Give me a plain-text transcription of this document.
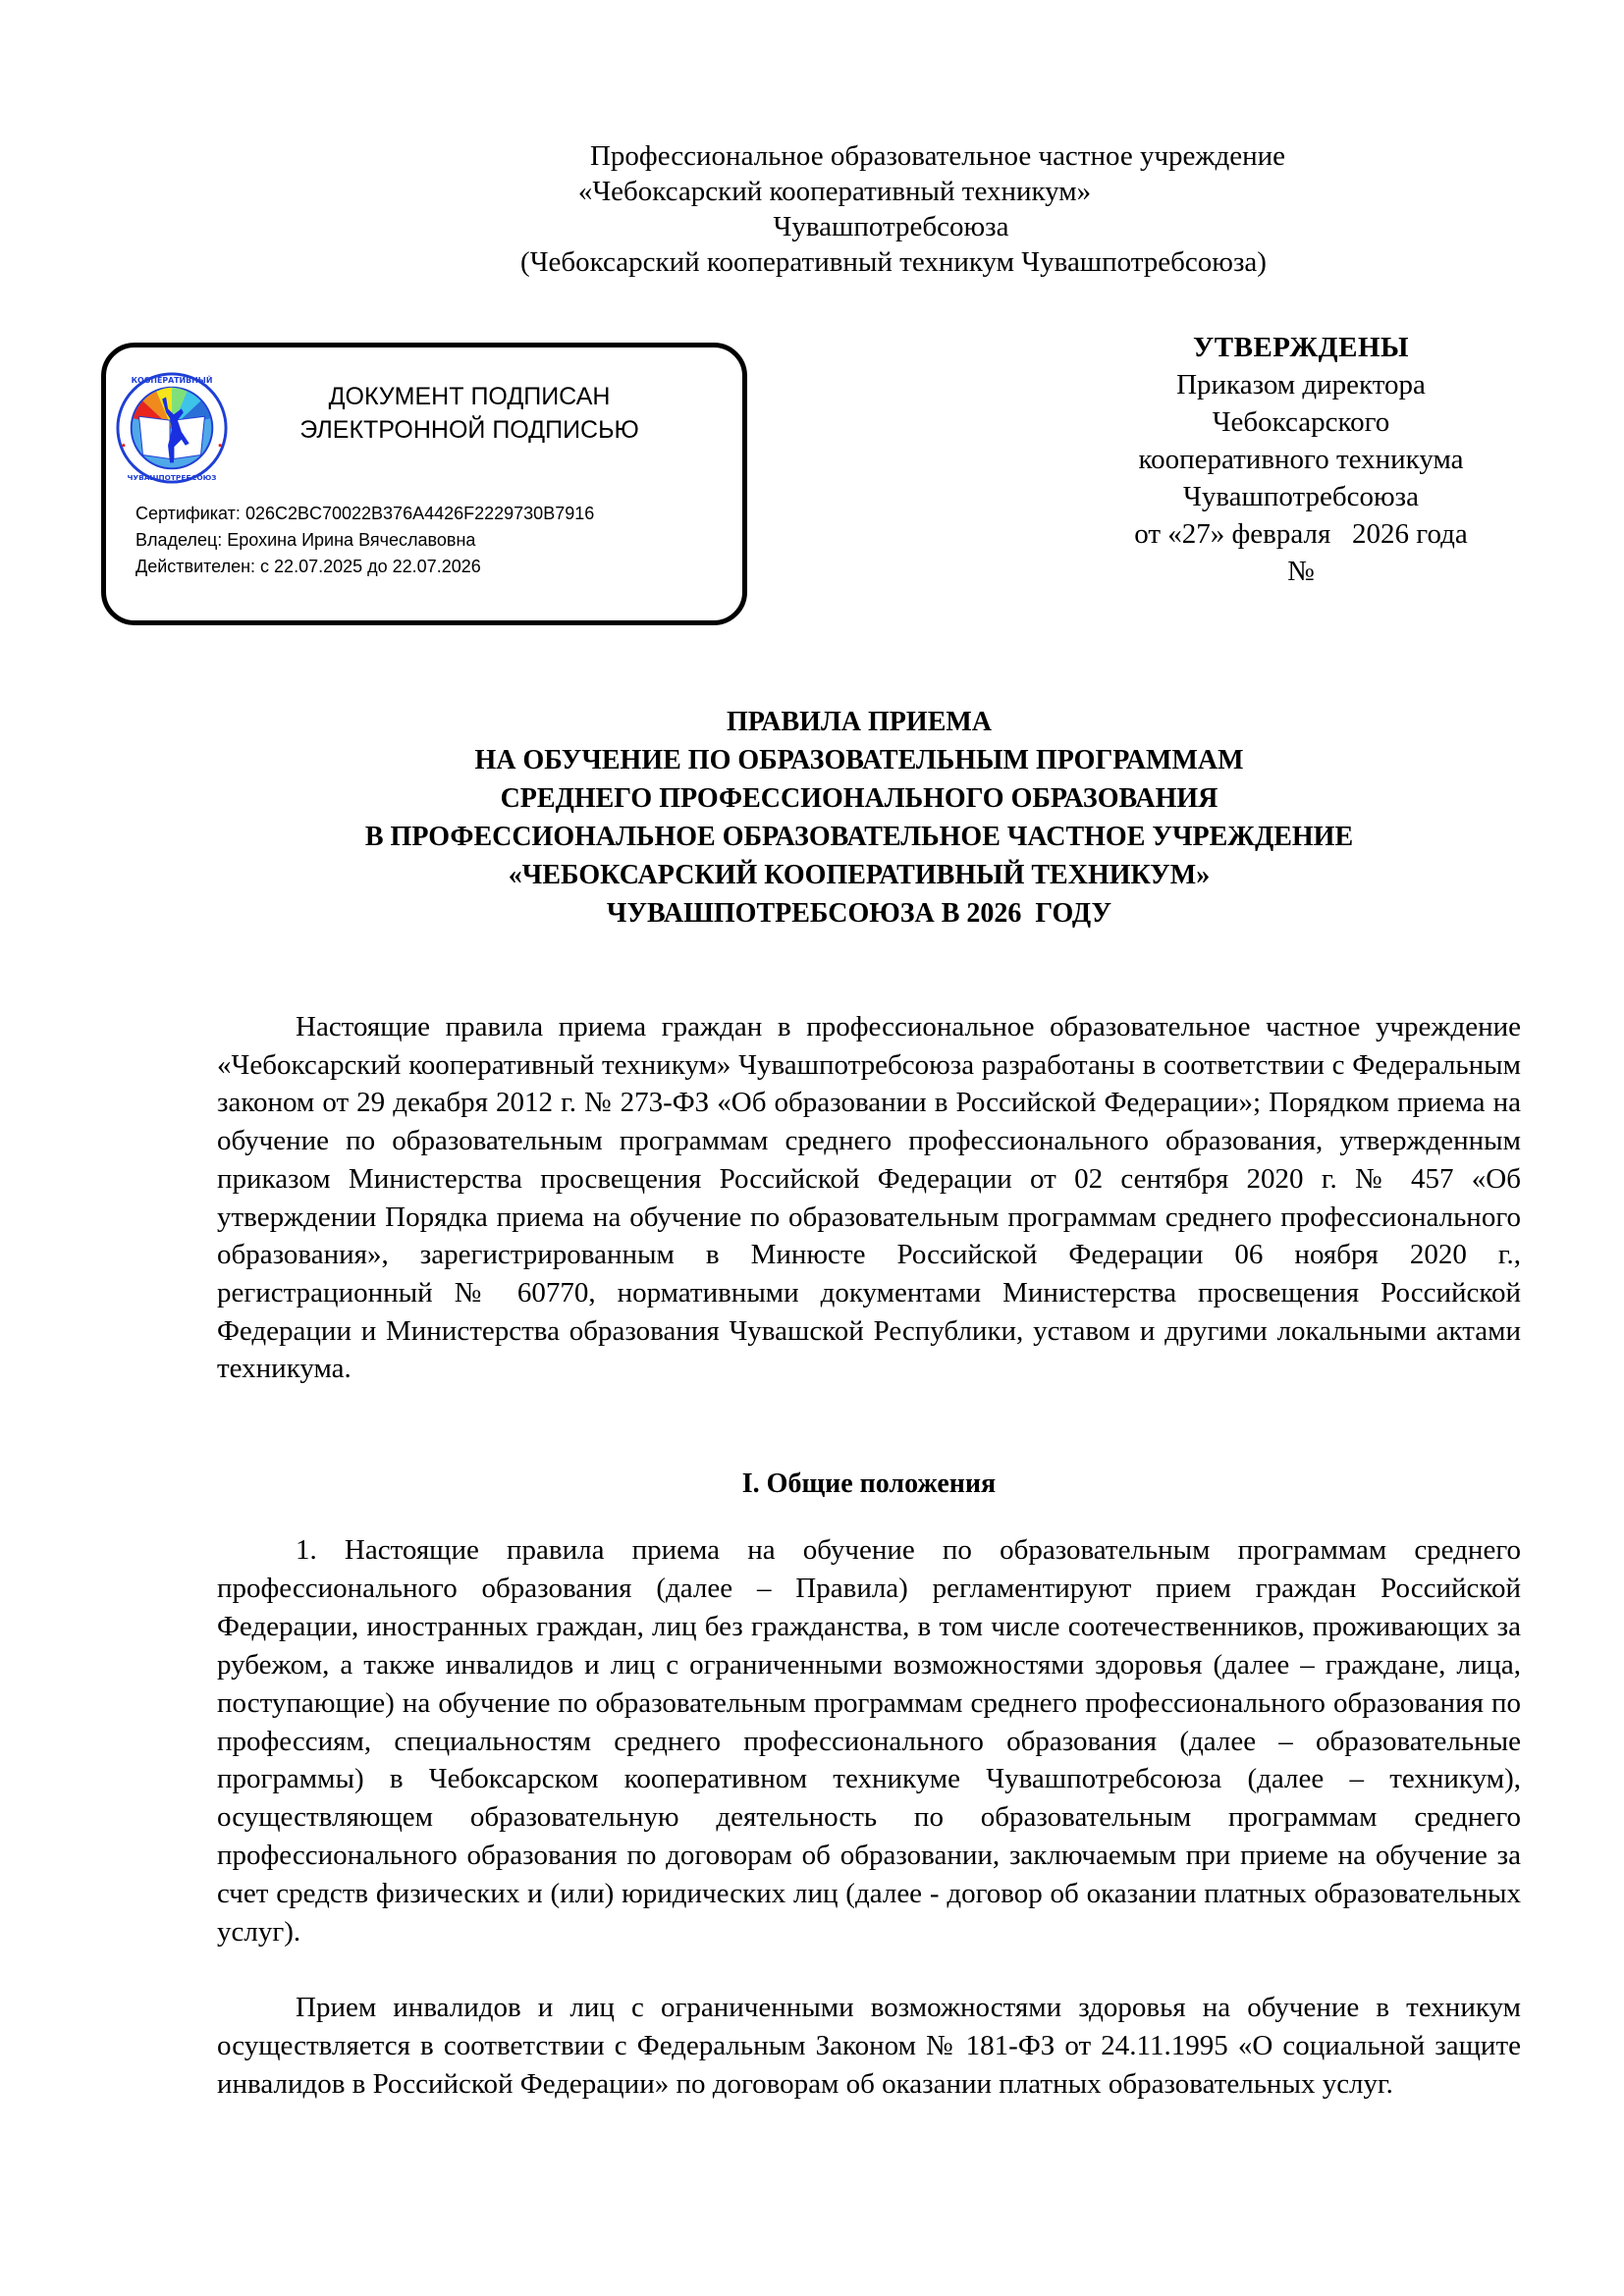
Профессиональное образовательное частное учреждение
«Чебоксарский кооперативный техникум»
Чувашпотребсоюза
(Чебоксарский кооперативный техникум Чувашпотребсоюза)
КООПЕРАТИВНЫЙ
ЧУВАШПОТРЕБСОЮЗ
ДОКУМЕНТ ПОДПИСАН
ЭЛЕКТРОННОЙ ПОДПИСЬЮ
Сертификат: 026C2BC70022B376A4426F2229730B7916
Владелец: Ерохина Ирина Вячеславовна
Действителен: с 22.07.2025 до 22.07.2026
УТВЕРЖДЕНЫ
Приказом директора
Чебоксарского
кооперативного техникума
Чувашпотребсоюза
от «27» февраля   2026 года
№
ПРАВИЛА ПРИЕМА
НА ОБУЧЕНИЕ ПО ОБРАЗОВАТЕЛЬНЫМ ПРОГРАММАМ
СРЕДНЕГО ПРОФЕССИОНАЛЬНОГО ОБРАЗОВАНИЯ
В ПРОФЕССИОНАЛЬНОЕ ОБРАЗОВАТЕЛЬНОЕ ЧАСТНОЕ УЧРЕЖДЕНИЕ
«ЧЕБОКСАРСКИЙ КООПЕРАТИВНЫЙ ТЕХНИКУМ»
ЧУВАШПОТРЕБСОЮЗА В 2026  ГОДУ

Настоящие правила приема граждан в профессиональное образовательное частное учреждение «Чебоксарский кооперативный техникум» Чувашпотребсоюза разработаны в соответствии с Федеральным законом от 29 декабря 2012 г. № 273-ФЗ «Об образовании в Российской Федерации»; Порядком приема на обучение по образовательным программам среднего профессионального образования, утвержденным приказом Министерства просвещения Российской Федерации от 02 сентября 2020 г. № 457 «Об утверждении Порядка приема на обучение по образовательным программам среднего профессионального образования», зарегистрированным в Минюсте Российской Федерации 06 ноября 2020 г., регистрационный № 60770, нормативными документами Министерства просвещения Российской Федерации и Министерства образования Чувашской Республики, уставом и другими локальными актами техникума.

I. Общие положения

1. Настоящие правила приема на обучение по образовательным программам среднего профессионального образования (далее – Правила) регламентируют прием граждан Российской Федерации, иностранных граждан, лиц без гражданства, в том числе соотечественников, проживающих за рубежом, а также инвалидов и лиц с ограниченными возможностями здоровья (далее – граждане, лица, поступающие) на обучение по образовательным программам среднего профессионального образования по профессиям, специальностям среднего профессионального образования (далее – образовательные программы) в Чебоксарском кооперативном техникуме Чувашпотребсоюза (далее – техникум), осуществляющем образовательную деятельность по образовательным программам среднего профессионального образования по договорам об образовании, заключаемым при приеме на обучение за счет средств физических и (или) юридических лиц (далее - договор об оказании платных образовательных услуг).

Прием инвалидов и лиц с ограниченными возможностями здоровья на обучение в техникум осуществляется в соответствии с Федеральным Законом № 181-ФЗ от 24.11.1995 «О социальной защите инвалидов в Российской Федерации» по договорам об оказании платных образовательных услуг.
